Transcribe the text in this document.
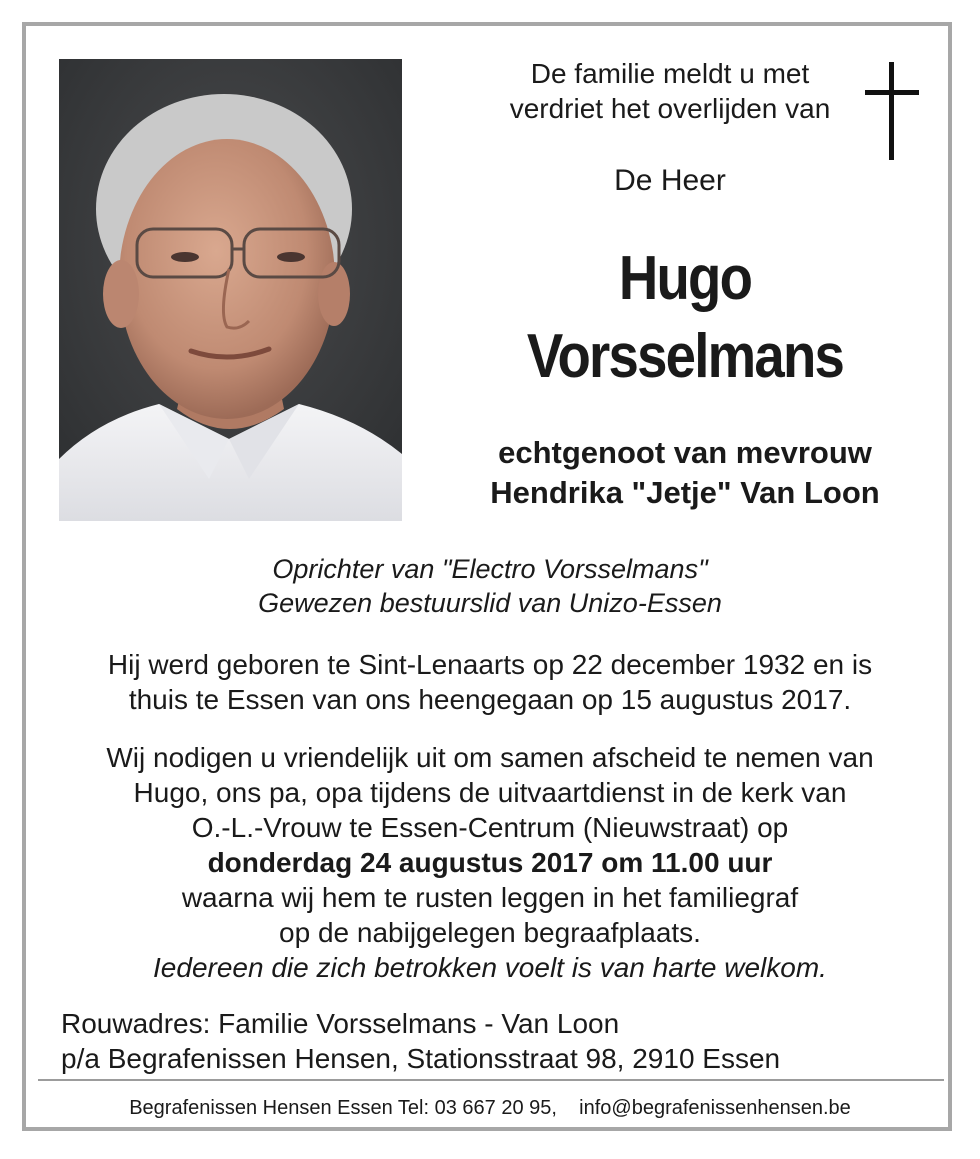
De familie meldt u met
verdriet het overlijden van
De Heer
Hugo
Vorsselmans
echtgenoot van mevrouw
Hendrika "Jetje" Van Loon
Oprichter van "Electro Vorsselmans"
Gewezen bestuurslid van Unizo-Essen
Hij werd geboren te Sint-Lenaarts op 22 december 1932 en is
thuis te Essen van ons heengegaan op 15 augustus 2017.
Wij nodigen u vriendelijk uit om samen afscheid te nemen van
Hugo, ons pa, opa tijdens de uitvaartdienst in de kerk van
O.-L.-Vrouw te Essen-Centrum (Nieuwstraat) op
donderdag 24 augustus 2017 om 11.00 uur
waarna wij hem te rusten leggen in het familiegraf
op de nabijgelegen begraafplaats.
Iedereen die zich betrokken voelt is van harte welkom.
Rouwadres: Familie Vorsselmans - Van Loon
p/a Begrafenissen Hensen, Stationsstraat 98, 2910 Essen
Begrafenissen Hensen Essen Tel: 03 667 20 95,    info@begrafenissenhensen.be
